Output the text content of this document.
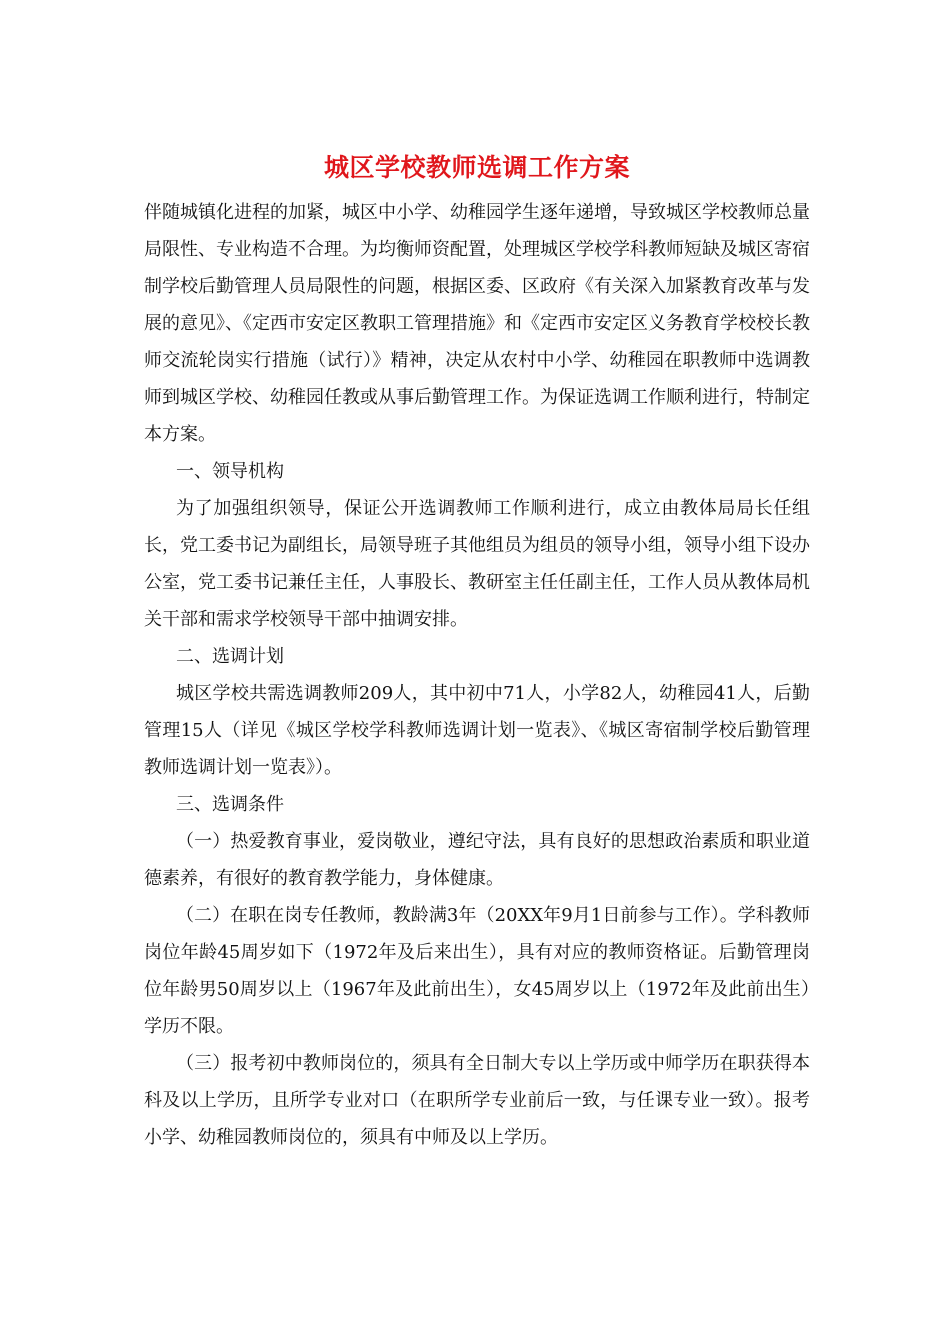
城区学校教师选调工作方案

伴随城镇化进程的加紧，城区中小学、幼稚园学生逐年递增，导致城区学校教师总量局限性、专业构造不合理。为均衡师资配置，处理城区学校学科教师短缺及城区寄宿制学校后勤管理人员局限性的问题，根据区委、区政府《有关深入加紧教育改革与发展的意见》、《定西市安定区教职工管理措施》和《定西市安定区义务教育学校校长教师交流轮岗实行措施（试行）》精神，决定从农村中小学、幼稚园在职教师中选调教师到城区学校、幼稚园任教或从事后勤管理工作。为保证选调工作顺利进行，特制定本方案。

一、领导机构

为了加强组织领导，保证公开选调教师工作顺利进行，成立由教体局局长任组长，党工委书记为副组长，局领导班子其他组员为组员的领导小组，领导小组下设办公室，党工委书记兼任主任，人事股长、教研室主任任副主任，工作人员从教体局机关干部和需求学校领导干部中抽调安排。

二、选调计划

城区学校共需选调教师209人，其中初中71人，小学82人，幼稚园41人，后勤管理15人（详见《城区学校学科教师选调计划一览表》、《城区寄宿制学校后勤管理教师选调计划一览表》）。

三、选调条件

（一）热爱教育事业，爱岗敬业，遵纪守法，具有良好的思想政治素质和职业道德素养，有很好的教育教学能力，身体健康。

（二）在职在岗专任教师，教龄满3年（20XX年9月1日前参与工作）。学科教师岗位年龄45周岁如下（1972年及后来出生），具有对应的教师资格证。后勤管理岗位年龄男50周岁以上（1967年及此前出生），女45周岁以上（1972年及此前出生）学历不限。

（三）报考初中教师岗位的，须具有全日制大专以上学历或中师学历在职获得本科及以上学历，且所学专业对口（在职所学专业前后一致，与任课专业一致）。报考小学、幼稚园教师岗位的，须具有中师及以上学历。
